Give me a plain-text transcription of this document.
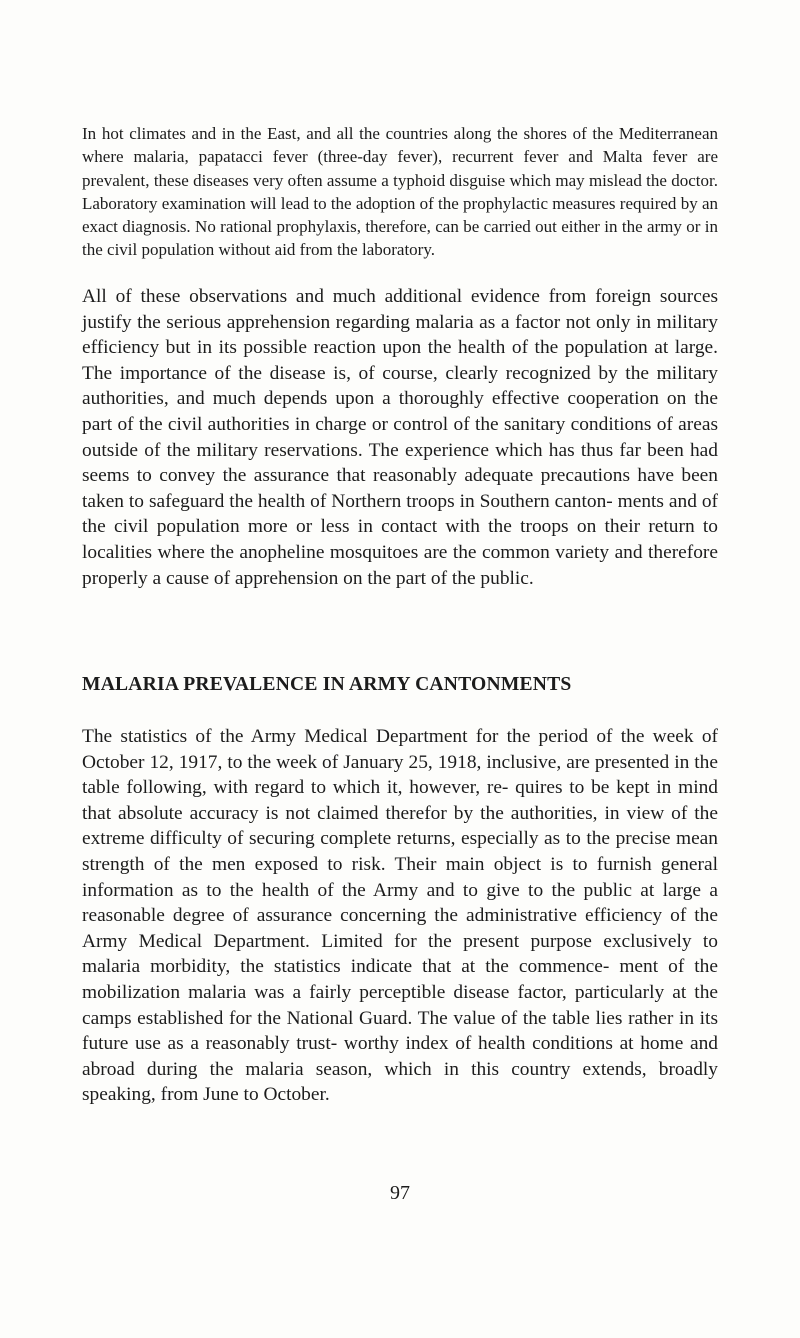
In hot climates and in the East, and all the countries along the shores of the Mediterranean where malaria, papatacci fever (three-day fever), recurrent fever and Malta fever are prevalent, these diseases very often assume a typhoid disguise which may mislead the doctor. Laboratory examination will lead to the adoption of the prophylactic measures required by an exact diagnosis. No rational prophylaxis, therefore, can be carried out either in the army or in the civil population without aid from the laboratory.

All of these observations and much additional evidence from foreign sources justify the serious apprehension regarding malaria as a factor not only in military efficiency but in its possible reaction upon the health of the population at large. The importance of the disease is, of course, clearly recognized by the military authorities, and much depends upon a thoroughly effective cooperation on the part of the civil authorities in charge or control of the sanitary conditions of areas outside of the military reservations. The experience which has thus far been had seems to convey the assurance that reasonably adequate precautions have been taken to safeguard the health of Northern troops in Southern canton- ments and of the civil population more or less in contact with the troops on their return to localities where the anopheline mosquitoes are the common variety and therefore properly a cause of apprehension on the part of the public.

MALARIA PREVALENCE IN ARMY CANTONMENTS

The statistics of the Army Medical Department for the period of the week of October 12, 1917, to the week of January 25, 1918, inclusive, are presented in the table following, with regard to which it, however, re- quires to be kept in mind that absolute accuracy is not claimed therefor by the authorities, in view of the extreme difficulty of securing complete returns, especially as to the precise mean strength of the men exposed to risk. Their main object is to furnish general information as to the health of the Army and to give to the public at large a reasonable degree of assurance concerning the administrative efficiency of the Army Medical Department. Limited for the present purpose exclusively to malaria morbidity, the statistics indicate that at the commence- ment of the mobilization malaria was a fairly perceptible disease factor, particularly at the camps established for the National Guard. The value of the table lies rather in its future use as a reasonably trust- worthy index of health conditions at home and abroad during the malaria season, which in this country extends, broadly speaking, from June to October.

97
